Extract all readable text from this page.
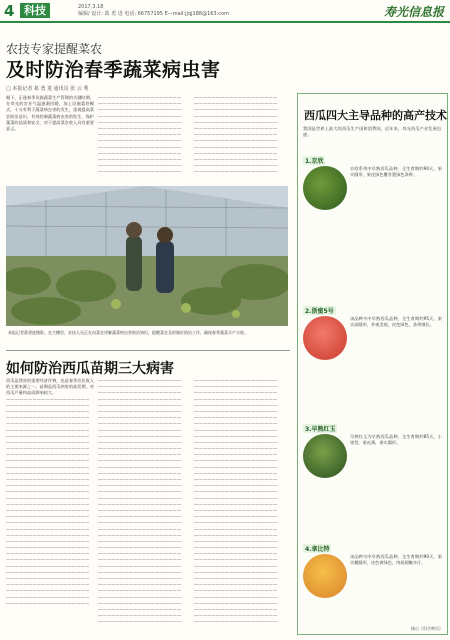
4 科技	2017.3.18
编辑/ 设计: 葛 勇 进 电话: 66757195 E—mail:jjqj188@163.com	寿光信息报
农技专家提醒菜农
及时防治春季蔬菜病虫害
□ 本报记者 葛 勇 进 通讯员 张 云 秀
眼下，正逢春季设施蔬菜生产管理的关键时期，在寿光的农业气温逐渐回暖，加上设施栽培模式，十分有利于蔬菜病虫害的发生，重视提高菜农防治意识，有效控制蔬菜病虫害的发生，保护蔬菜的品质和安全，对于提高菜农收入具有重要意义。
———————————————————
———————————————————
———————————————————
———————————————————
———————————————————
———————————————————
———————————————————
———————————————————
———————————————————
———————————————————
———————————————————
———————————————————
———————————————————
———————————————————
———————————————————
———————————————————
———————————————————
———————————————————
———————————————————
———————————————————
———————————————————
———————————————————
———————————————————
———————————————————
———————————————————
———————————————————
本报记者葛勇进摄影。在大棚里，农技人员正在向菜农讲解蔬菜病虫害防治知识，提醒菜农及时做好防治工作，确保春季蔬菜丰产丰收。
如何防治西瓜苗期三大病害
西瓜是我省的重要经济作物，也是春季农民收入的主要来源之一。苗期是西瓜病害的高发期，对西瓜产量和品质影响较大。
———————————————————
———————————————————
———————————————————
———————————————————
———————————————————
———————————————————
———————————————————
———————————————————
———————————————————
———————————————————
———————————————————
———————————————————
———————————————————
———————————————————
———————————————————
———————————————————
———————————————————
———————————————————
———————————————————
———————————————————
———————————————————
———————————————————
———————————————————
———————————————————
———————————————————
———————————————————
———————————————————
———————————————————
———————————————————
———————————————————
———————————————————
———————————————————
———————————————————
———————————————————
———————————————————
———————————————————
———————————————————
———————————————————
———————————————————
———————————————————
———————————————————
———————————————————
———————————————————
———————————————————
———————————————————
———————————————————
———————————————————
———————————————————
———————————————————
———————————————————
———————————————————
———————————————————
———————————————————
———————————————————
———————————————————
———————————————————
———————————————————
———————————————————
———————————————————
———————————————————
———————————————————
———————————————————
———————————————————
———————————————————
———————————————————
———————————————————
———————————————————
———————————————————
———————————————————
———————————————————
———————————————————
———————————————————
———————————————————
———————————————————
———————————————————
———————————————————
———————————————————
———————————————————
———————————————————
———————————————————
———————————————————
———————————————————
———————————————————
———————————————————
———————————————————
———————————————————
———————————————————
———————————————————
———————————————————
———————————————————
———————————————————
———————————————————
———————————————————
———————————————————
———————————————————
———————————————————
———————————————————
———————————————————
———————————————————
———————————————————
———————————————————
———————————————————
———————————————————
———————————————————
———————————————————
———————————————————
———————————————————
———————————————————
———————————————————
———————————————————
———————————————————
———————————————————
———————————————————
———————————————————
西瓜四大主导品种的高产技术
我国是世界上最大的西瓜生产国和消费国，近年来，寿光西瓜产业发展迅速。
1.京欣
京欣系列中早熟西瓜品种，全生育期约90天，果实圆形，果皮绿色覆有墨绿色条带。
2.浙蜜5号
该品种为中早熟西瓜品种，全生育期约95天，果实高圆形，外观美观，皮色绿色，条带细长。
3.早熟红玉
早熟红玉为早熟西瓜品种，全生育期约85天，小果型，果皮薄，果实圆形。
4.拿比特
该品种为中早熟西瓜品种，全生育期约90天，果实椭圆形，皮色黄绿色，肉质细嫩多汁。
摘自《科学种田》
